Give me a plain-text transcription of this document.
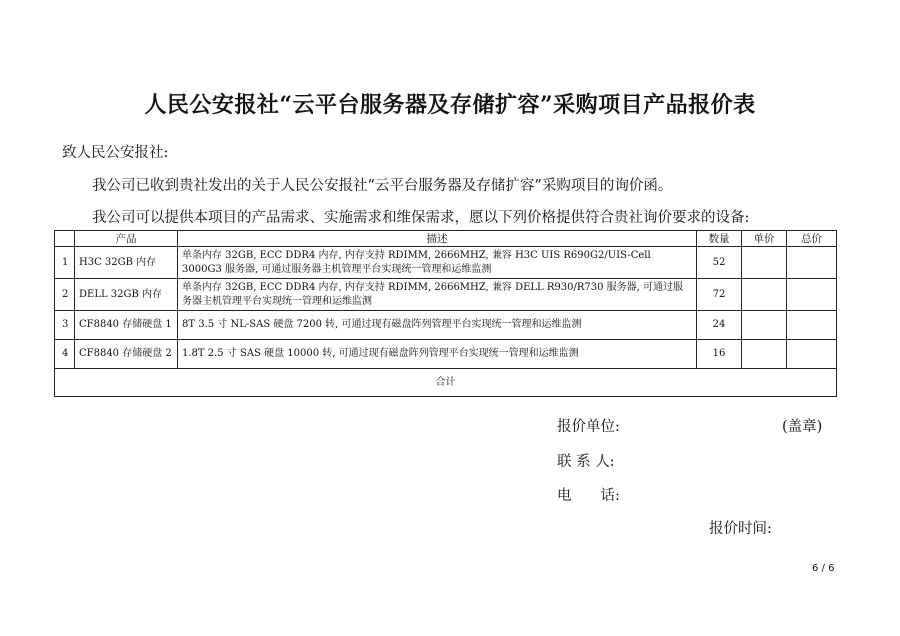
人民公安报社“云平台服务器及存储扩容”采购项目产品报价表
致人民公安报社:
我公司已收到贵社发出的关于人民公安报社“云平台服务器及存储扩容”采购项目的询价函。
我公司可以提供本项目的产品需求、实施需求和维保需求，愿以下列价格提供符合贵社询价要求的设备:
	产品	描述	数量	单价	总价
1	H3C 32GB 内存	单条内存 32GB, ECC DDR4 内存, 内存支持 RDIMM, 2666MHZ, 兼容 H3C UIS R690G2/UIS-Cell 3000G3 服务器, 可通过服务器主机管理平台实现统一管理和运维监测	52		
2	DELL 32GB 内存	单条内存 32GB, ECC DDR4 内存, 内存支持 RDIMM, 2666MHZ, 兼容 DELL R930/R730 服务器, 可通过服务器主机管理平台实现统一管理和运维监测	72		
3	CF8840 存储硬盘 1	8T 3.5 寸 NL-SAS 硬盘 7200 转, 可通过现有磁盘阵列管理平台实现统一管理和运维监测	24		
4	CF8840 存储硬盘 2	1.8T 2.5 寸 SAS 硬盘 10000 转, 可通过现有磁盘阵列管理平台实现统一管理和运维监测	16		
合计					
报价单位:	(盖章)
联 系 人:
电　　话:
报价时间:
6 / 6
